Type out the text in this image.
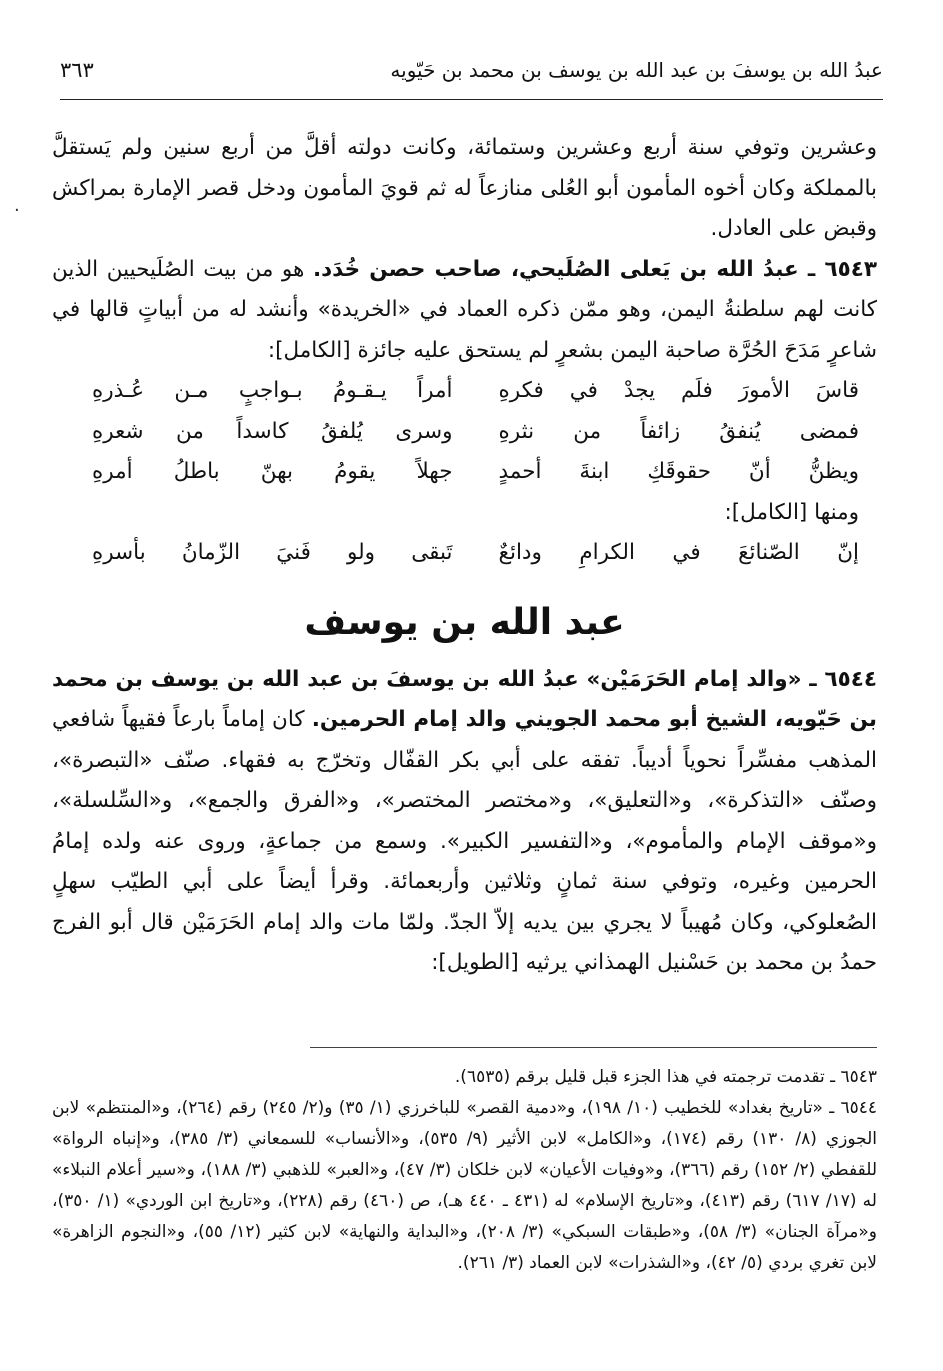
عبدُ الله بن يوسفَ بن عبد الله بن يوسف بن محمد بن حَيّويه
٣٦٣
·

وعشرين وتوفي سنة أربع وعشرين وستمائة، وكانت دولته أقلَّ من أربع سنين ولم يَستقلَّ بالمملكة وكان أخوه المأمون أبو العُلى منازعاً له ثم قويَ المأمون ودخل قصر الإمارة بمراكش وقبض على العادل.

٦٥٤٣ ـ عبدُ الله بن يَعلى الصُلَيحي، صاحب حصن خُدَد. هو من بيت الصُلَيحيين الذين كانت لهم سلطنةُ اليمن، وهو ممّن ذكره العماد في «الخريدة» وأنشد له من أبياتٍ قالها في شاعرٍ مَدَحَ الحُرَّة صاحبة اليمن بشعرٍ لم يستحق عليه جائزة [الكامل]:

قاسَ الأمورَ فلَم يجدْ في فكرهِ
أمراً يـقـومُ بـواجبٍ مـن عُـذرهِ
فمضى يُنفقُ زائفاً من نثرهِ
وسرى يُلفقُ كاسداً من شعرهِ
ويظنُّ أنّ حقوقَكِ ابنةَ أحمدٍ
جهلاً يقومُ بهنّ باطلُ أمرهِ

ومنها [الكامل]:

إنّ الصّنائعَ في الكرامِ ودائعٌ
تَبقى ولو فَنيَ الزّمانُ بأسرهِ
عبد الله بن يوسف

٦٥٤٤ ـ «والد إمام الحَرَمَيْن» عبدُ الله بن يوسفَ بن عبد الله بن يوسف بن محمد بن حَيّويه، الشيخ أبو محمد الجويني والد إمام الحرمين. كان إماماً بارعاً فقيهاً شافعي المذهب مفسِّراً نحوياً أديباً. تفقه على أبي بكر القفّال وتخرّج به فقهاء. صنّف «التبصرة»، وصنّف «التذكرة»، و«التعليق»، و«مختصر المختصر»، و«الفرق والجمع»، و«السِّلسلة»، و«موقف الإمام والمأموم»، و«التفسير الكبير». وسمع من جماعةٍ، وروى عنه ولده إمامُ الحرمين وغيره، وتوفي سنة ثمانٍ وثلاثين وأربعمائة. وقرأ أيضاً على أبي الطيّب سهلٍ الصُعلوكي، وكان مُهيباً لا يجري بين يديه إلاّ الجدّ. ولمّا مات والد إمام الحَرَمَيْن قال أبو الفرج حمدُ بن محمد بن حَسْنيل الهمذاني يرثيه [الطويل]:

٦٥٤٣ ـ تقدمت ترجمته في هذا الجزء قبل قليل برقم (٦٥٣٥).

٦٥٤٤ ـ «تاريخ بغداد» للخطيب (١٠/ ١٩٨)، و«دمية القصر» للباخرزي (١/ ٣٥) و(٢/ ٢٤٥) رقم (٢٦٤)، و«المنتظم» لابن الجوزي (٨/ ١٣٠) رقم (١٧٤)، و«الكامل» لابن الأثير (٩/ ٥٣٥)، و«الأنساب» للسمعاني (٣/ ٣٨٥)، و«إنباه الرواة» للقفطي (٢/ ١٥٢) رقم (٣٦٦)، و«وفيات الأعيان» لابن خلكان (٣/ ٤٧)، و«العبر» للذهبي (٣/ ١٨٨)، و«سير أعلام النبلاء» له (١٧/ ٦١٧) رقم (٤١٣)، و«تاريخ الإسلام» له (٤٣١ ـ ٤٤٠ هـ)، ص (٤٦٠) رقم (٢٢٨)، و«تاريخ ابن الوردي» (١/ ٣٥٠)، و«مرآة الجنان» (٣/ ٥٨)، و«طبقات السبكي» (٣/ ٢٠٨)، و«البداية والنهاية» لابن كثير (١٢/ ٥٥)، و«النجوم الزاهرة» لابن تغري بردي (٥/ ٤٢)، و«الشذرات» لابن العماد (٣/ ٢٦١).
